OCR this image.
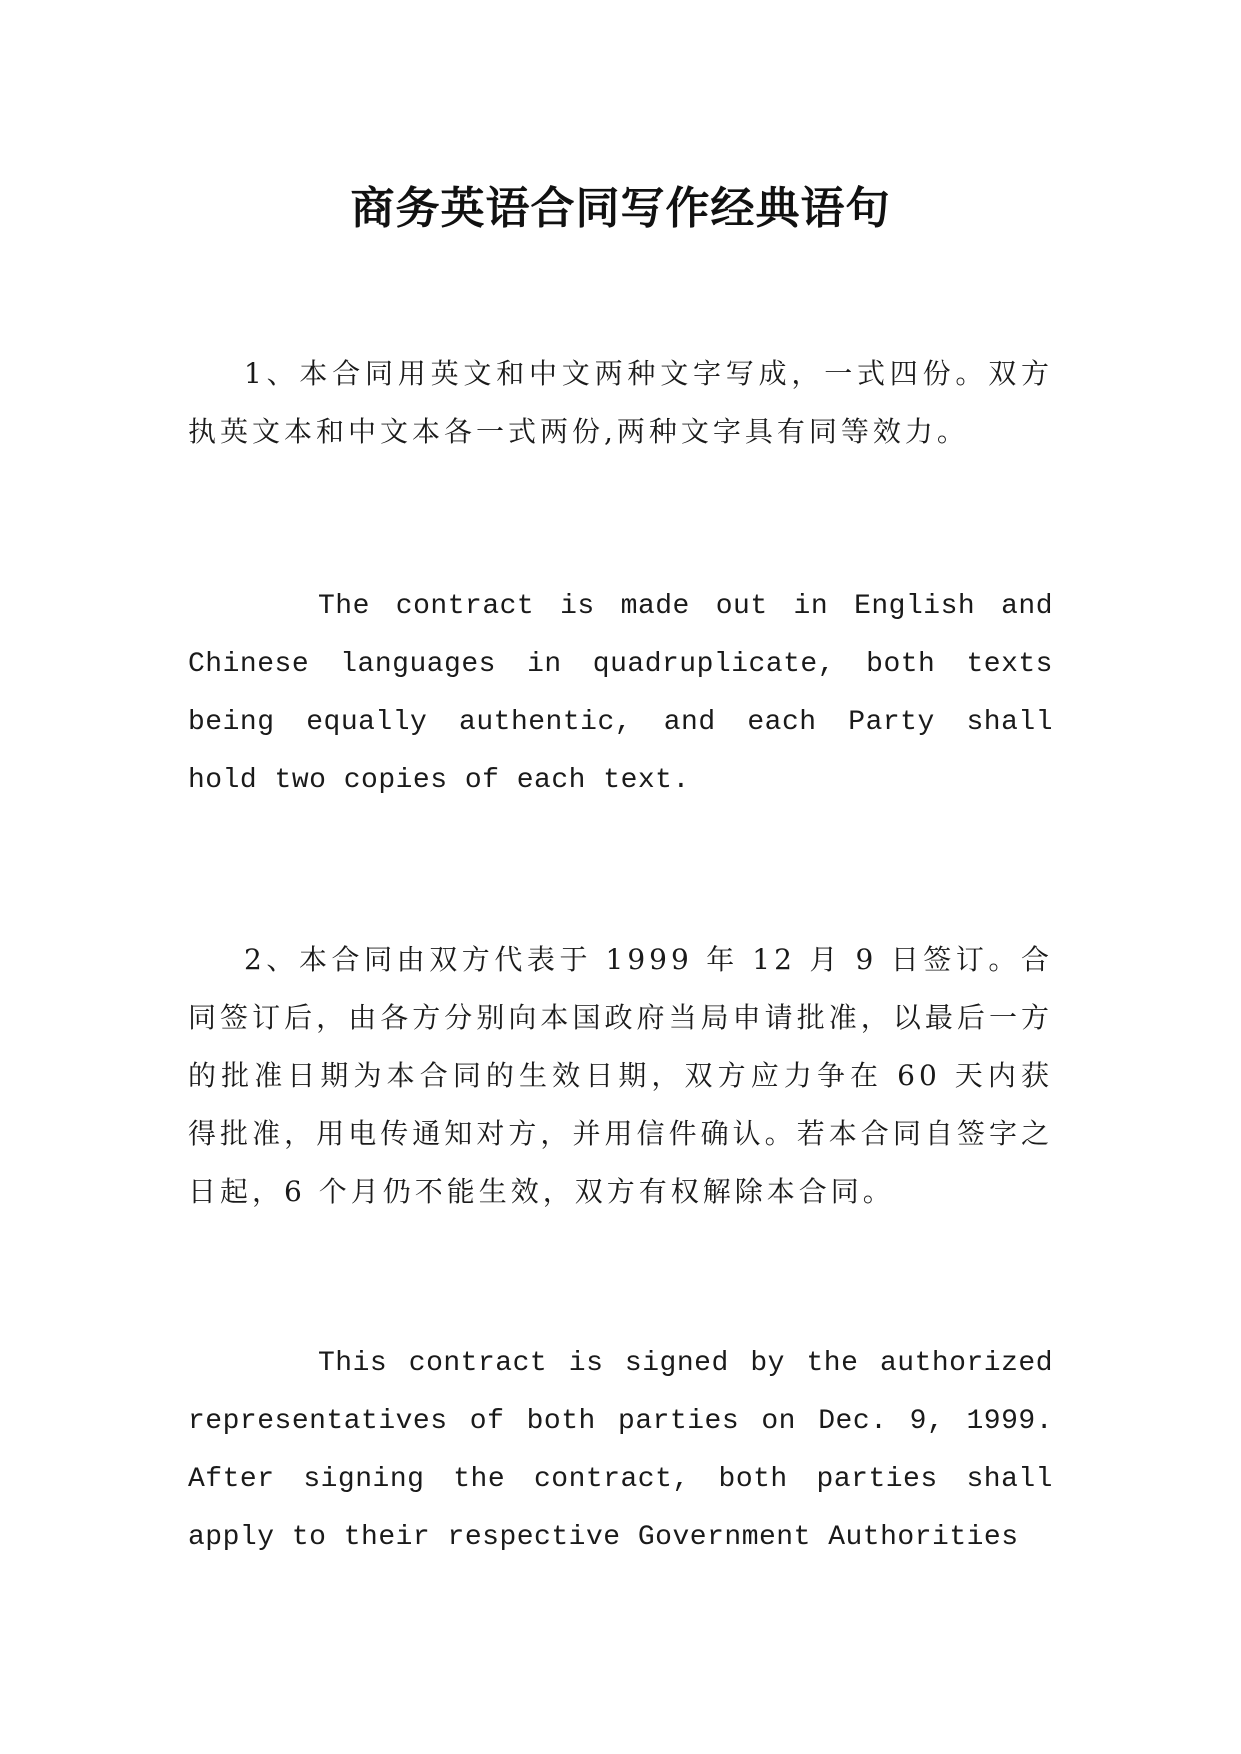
商务英语合同写作经典语句

1、本合同用英文和中文两种文字写成，一式四份。双方执英文本和中文本各一式两份,两种文字具有同等效力。

The contract is made out in English and Chinese languages in quadruplicate, both texts being equally authentic, and each Party shall hold two copies of each text.

2、本合同由双方代表于 1999 年 12 月 9 日签订。合同签订后，由各方分别向本国政府当局申请批准，以最后一方的批准日期为本合同的生效日期，双方应力争在 60 天内获得批准，用电传通知对方，并用信件确认。若本合同自签字之日起，6 个月仍不能生效，双方有权解除本合同。

This contract is signed by the authorized representatives of both parties on Dec. 9, 1999. After signing the contract, both parties shall apply to their respective Government Authorities
